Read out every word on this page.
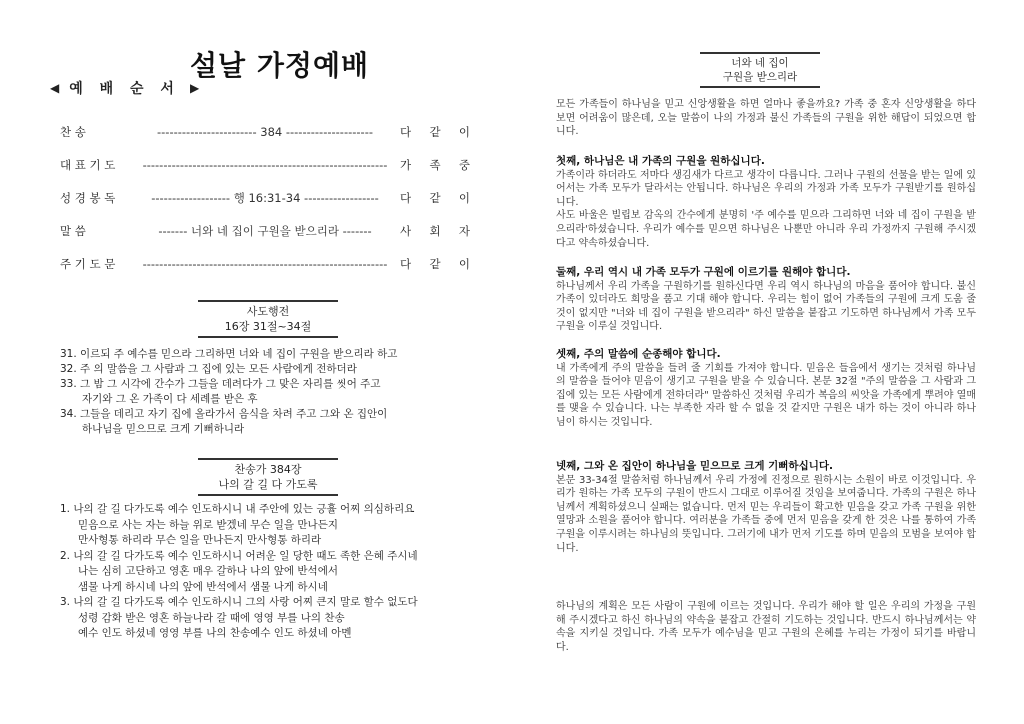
설날 가정예배
◀ 예 배 순 서 ▶
찬 송	------------------------ 384 ---------------------	다 같 이
대 표 기 도	----------------------------------------------------------- 가 족 중
성 경 봉 독	------------------- 행 16:31-34 ------------------	다 같 이
말 씀	------- 너와 네 집이 구원을 받으리라 -------	사 회 자
주 기 도 문	----------------------------------------------------------- 다 같 이
사도행전
16장 31절~34절
31. 이르되 주 예수를 믿으라 그리하면 너와 네 집이 구원을 받으리라 하고
32. 주 의 말씀을 그 사람과 그 집에 있는 모든 사람에게 전하더라
33. 그 밤 그 시각에 간수가 그들을 데려다가 그 맞은 자리를 씻어 주고
자기와 그 온 가족이 다 세례를 받은 후
34. 그들을 데리고 자기 집에 올라가서 음식을 차려 주고 그와 온 집안이
하나님을 믿으므로 크게 기뻐하니라
찬송가 384장
나의 갈 길 다 가도록
1. 나의 갈 길 다가도록 예수 인도하시니 내 주안에 있는 긍휼 어찌 의심하리요
믿음으로 사는 자는 하늘 위로 받겠네 무슨 일을 만나든지
만사형통 하리라 무슨 일을 만나든지 만사형통 하리라
2. 나의 갈 길 다가도록 예수 인도하시니 어려운 일 당한 때도 족한 은혜 주시네
나는 심히 고단하고 영혼 매우 갈하나 나의 앞에 반석에서
샘물 나게 하시네 나의 앞에 반석에서 샘물 나게 하시네
3. 나의 갈 길 다가도록 예수 인도하시니 그의 사랑 어찌 큰지 말로 할수 없도다
성령 감화 받은 영혼 하늘나라 갈 때에 영영 부를 나의 찬송
예수 인도 하셨네 영영 부를 나의 찬송예수 인도 하셨네 아멘
너와 네 집이
구원을 받으리라
모든 가족들이 하나님을 믿고 신앙생활을 하면 얼마나 좋을까요? 가족 중 혼자 신앙생활을 하다보면 어려움이 많은데, 오늘 말씀이 나의 가정과 불신 가족들의 구원을 위한 해답이 되었으면 합니다.
첫째, 하나님은 내 가족의 구원을 원하십니다.
가족이라 하더라도 저마다 생김새가 다르고 생각이 다릅니다. 그러나 구원의 선물을 받는 일에 있어서는 가족 모두가 달라서는 안됩니다. 하나님은 우리의 가정과 가족 모두가 구원받기를 원하십니다.
사도 바울은 빌립보 감옥의 간수에게 분명히 '주 예수를 믿으라 그리하면 너와 네 집이 구원을 받으리라'하셨습니다. 우리가 예수를 믿으면 하나님은 나뿐만 아니라 우리 가정까지 구원해 주시겠다고 약속하셨습니다.
둘째, 우리 역시 내 가족 모두가 구원에 이르기를 원해야 합니다.
하나님께서 우리 가족을 구원하기를 원하신다면 우리 역시 하나님의 마음을 품어야 합니다. 불신 가족이 있더라도 희망을 품고 기대 해야 합니다. 우리는 힘이 없어 가족들의 구원에 크게 도움 줄 것이 없지만 "너와 네 집이 구원을 받으리라" 하신 말씀을 붙잡고 기도하면 하나님께서 가족 모두 구원을 이루실 것입니다.
셋째, 주의 말씀에 순종해야 합니다.
내 가족에게 주의 말씀을 들려 줄 기회를 가져야 합니다. 믿음은 들음에서 생기는 것처럼 하나님의 말씀을 들어야 믿음이 생기고 구원을 받을 수 있습니다. 본문 32절 "주의 말씀을 그 사람과 그 집에 있는 모든 사람에게 전하더라" 말씀하신 것처럼 우리가 복음의 씨앗을 가족에게 뿌려야 열매를 맺을 수 있습니다. 나는 부족한 자라 할 수 없을 것 같지만 구원은 내가 하는 것이 아니라 하나님이 하시는 것입니다.
넷째, 그와 온 집안이 하나님을 믿으므로 크게 기뻐하십니다.
본문 33-34절 말씀처럼 하나님께서 우리 가정에 진정으로 원하시는 소원이 바로 이것입니다. 우리가 원하는 가족 모두의 구원이 반드시 그대로 이루어질 것임을 보여줍니다. 가족의 구원은 하나님께서 계획하셨으니 실패는 없습니다. 먼저 믿는 우리들이 확고한 믿음을 갖고 가족 구원을 위한 열망과 소원을 품어야 합니다. 여러분을 가족들 중에 먼저 믿음을 갖게 한 것은 나를 통하여 가족 구원을 이루시려는 하나님의 뜻입니다. 그러기에 내가 먼저 기도를 하며 믿음의 모범을 보여야 합니다.
하나님의 계획은 모든 사람이 구원에 이르는 것입니다. 우리가 해야 할 일은 우리의 가정을 구원해 주시겠다고 하신 하나님의 약속을 붙잡고 간절히 기도하는 것입니다. 반드시 하나님께서는 약속을 지키실 것입니다. 가족 모두가 예수님을 믿고 구원의 은혜를 누리는 가정이 되기를 바랍니다.
